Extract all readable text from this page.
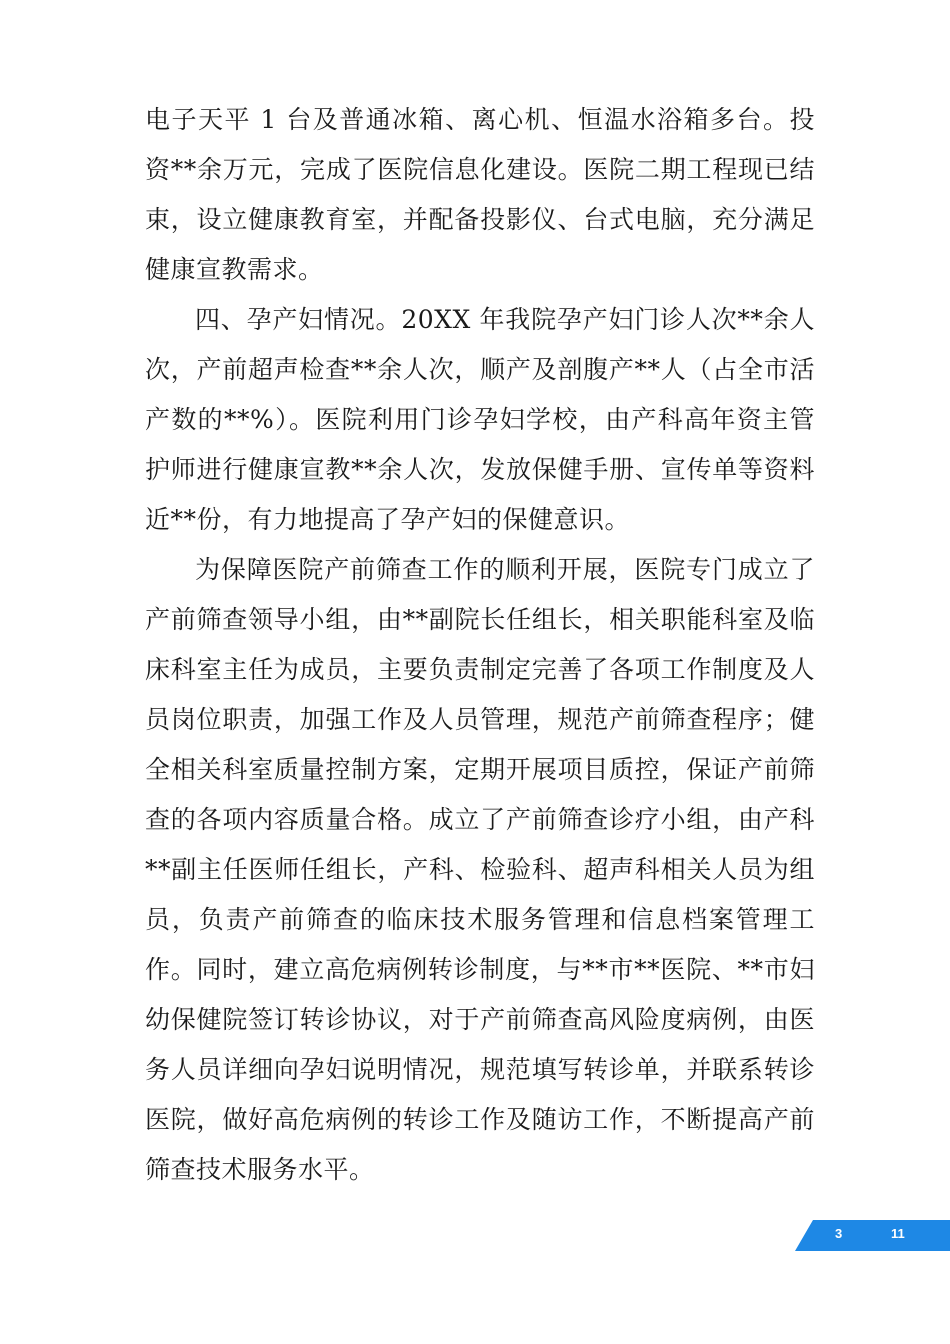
电子天平 1 台及普通冰箱、离心机、恒温水浴箱多台。投资**余万元，完成了医院信息化建设。医院二期工程现已结束，设立健康教育室，并配备投影仪、台式电脑，充分满足健康宣教需求。

四、孕产妇情况。20XX 年我院孕产妇门诊人次**余人次，产前超声检查**余人次，顺产及剖腹产**人（占全市活产数的**%）。医院利用门诊孕妇学校，由产科高年资主管护师进行健康宣教**余人次，发放保健手册、宣传单等资料近**份，有力地提高了孕产妇的保健意识。

为保障医院产前筛查工作的顺利开展，医院专门成立了产前筛查领导小组，由**副院长任组长，相关职能科室及临床科室主任为成员，主要负责制定完善了各项工作制度及人员岗位职责，加强工作及人员管理，规范产前筛查程序；健全相关科室质量控制方案，定期开展项目质控，保证产前筛查的各项内容质量合格。成立了产前筛查诊疗小组，由产科**副主任医师任组长，产科、检验科、超声科相关人员为组员，负责产前筛查的临床技术服务管理和信息档案管理工作。同时，建立高危病例转诊制度，与**市**医院、**市妇幼保健院签订转诊协议，对于产前筛查高风险度病例，由医务人员详细向孕妇说明情况，规范填写转诊单，并联系转诊医院，做好高危病例的转诊工作及随访工作，不断提高产前筛查技术服务水平。

3	11
